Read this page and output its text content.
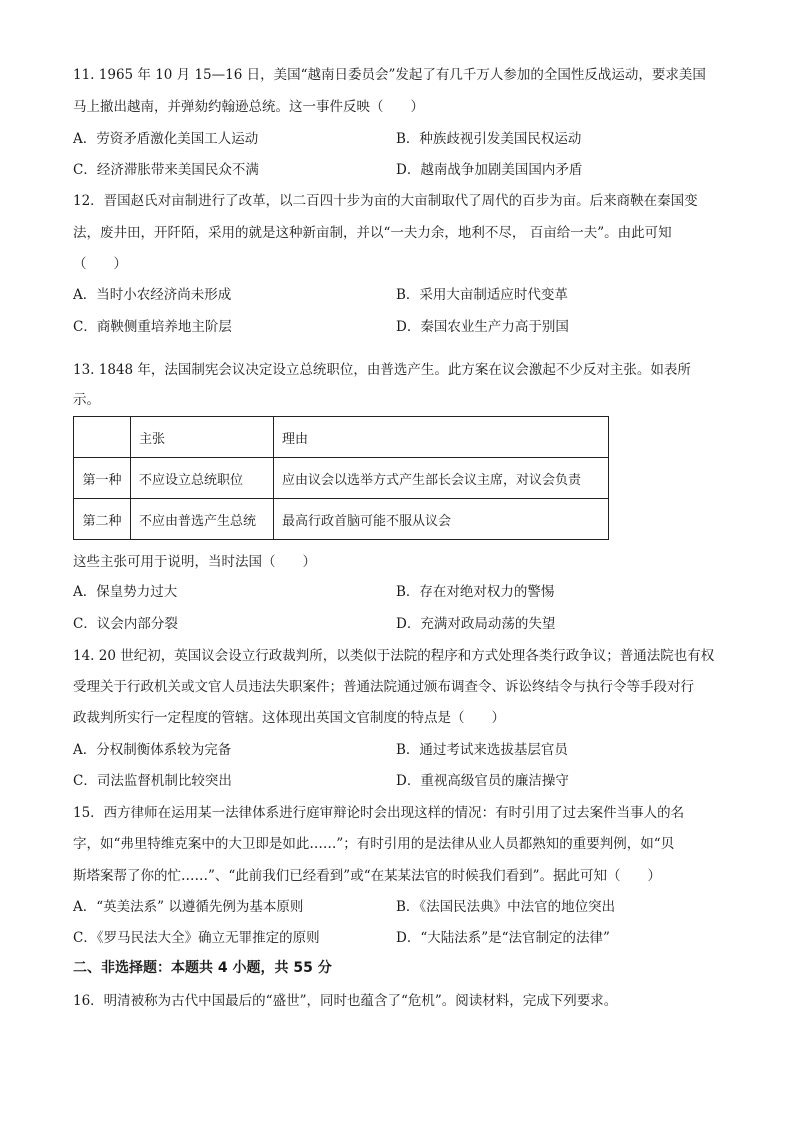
11. 1965 年 10 月 15—16 日，美国“越南日委员会”发起了有几千万人参加的全国性反战运动，要求美国
马上撤出越南，并弹劾约翰逊总统。这一事件反映（　　）
A．劳资矛盾激化美国工人运动	B．种族歧视引发美国民权运动
C．经济滞胀带来美国民众不满	D．越南战争加剧美国国内矛盾
12．晋国赵氏对亩制进行了改革，以二百四十步为亩的大亩制取代了周代的百步为亩。后来商鞅在秦国变
法，废井田，开阡陌，采用的就是这种新亩制，并以“一夫力余，地利不尽， 百亩给一夫”。由此可知
（　　）
A．当时小农经济尚未形成	B．采用大亩制适应时代变革
C．商鞅侧重培养地主阶层	D．秦国农业生产力高于别国
13. 1848 年，法国制宪会议决定设立总统职位，由普选产生。此方案在议会激起不少反对主张。如表所
示。
	主张	理由
第一种	不应设立总统职位	应由议会以选举方式产生部长会议主席，对议会负责
第二种	不应由普选产生总统	最高行政首脑可能不服从议会
这些主张可用于说明，当时法国（　　）
A．保皇势力过大	B．存在对绝对权力的警惕
C．议会内部分裂	D．充满对政局动荡的失望
14. 20 世纪初，英国议会设立行政裁判所，以类似于法院的程序和方式处理各类行政争议；普通法院也有权
受理关于行政机关或文官人员违法失职案件；普通法院通过颁布调查令、诉讼终结令与执行令等手段对行
政裁判所实行一定程度的管辖。这体现出英国文官制度的特点是（　　）
A．分权制衡体系较为完备	B．通过考试来选拔基层官员
C．司法监督机制比较突出	D．重视高级官员的廉洁操守
15．西方律师在运用某一法律体系进行庭审辩论时会出现这样的情况：有时引用了过去案件当事人的名
字，如“弗里特维克案中的大卫即是如此……”；有时引用的是法律从业人员都熟知的重要判例，如“贝
斯塔案帮了你的忙……”、“此前我们已经看到”或“在某某法官的时候我们看到”。据此可知（　　）
A．“英美法系” 以遵循先例为基本原则	B．《法国民法典》中法官的地位突出
C．《罗马民法大全》确立无罪推定的原则	D．“大陆法系”是“法官制定的法律”
二、非选择题：本题共 4 小题，共 55 分
16．明清被称为古代中国最后的“盛世”，同时也蕴含了“危机”。阅读材料，完成下列要求。
